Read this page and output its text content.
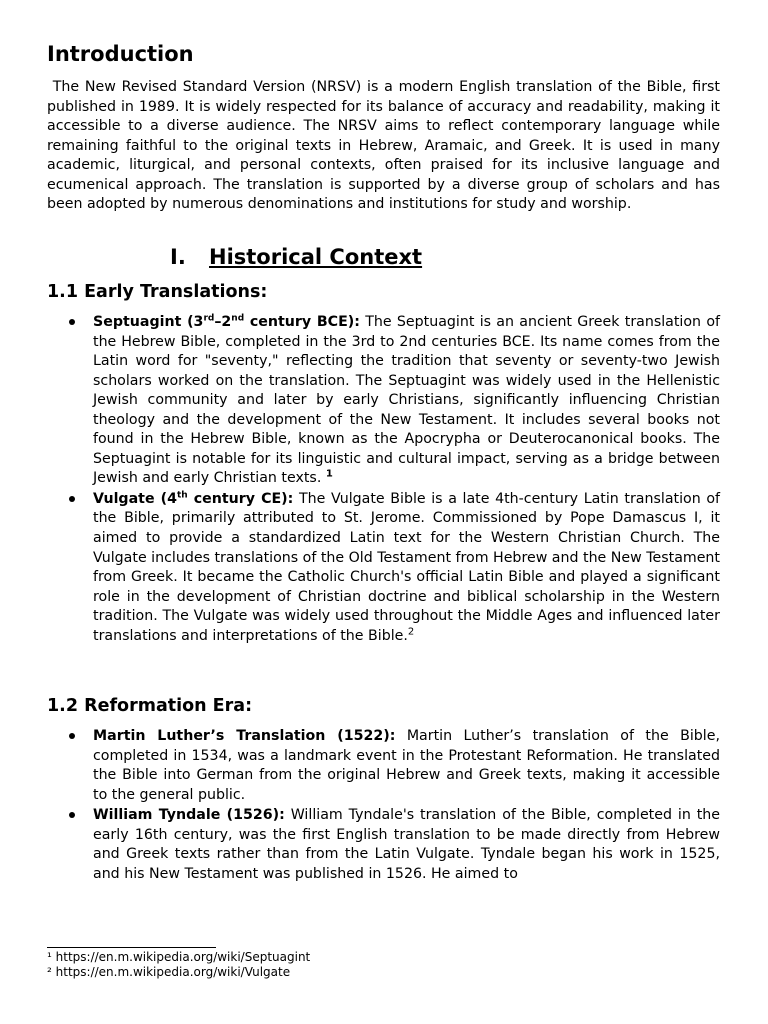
Introduction

The New Revised Standard Version (NRSV) is a modern English translation of the Bible, first published in 1989. It is widely respected for its balance of accuracy and readability, making it accessible to a diverse audience. The NRSV aims to reflect contemporary language while remaining faithful to the original texts in Hebrew, Aramaic, and Greek. It is used in many academic, liturgical, and personal contexts, often praised for its inclusive language and ecumenical approach. The translation is supported by a diverse group of scholars and has been adopted by numerous denominations and institutions for study and worship.

I. Historical Context
1.1 Early Translations:

Septuagint (3rd–2nd century BCE): The Septuagint is an ancient Greek translation of the Hebrew Bible, completed in the 3rd to 2nd centuries BCE. Its name comes from the Latin word for "seventy," reflecting the tradition that seventy or seventy-two Jewish scholars worked on the translation. The Septuagint was widely used in the Hellenistic Jewish community and later by early Christians, significantly influencing Christian theology and the development of the New Testament. It includes several books not found in the Hebrew Bible, known as the Apocrypha or Deuterocanonical books. The Septuagint is notable for its linguistic and cultural impact, serving as a bridge between Jewish and early Christian texts. $^1$

Vulgate (4th century CE): The Vulgate Bible is a late 4th-century Latin translation of the Bible, primarily attributed to St. Jerome. Commissioned by Pope Damascus I, it aimed to provide a standardized Latin text for the Western Christian Church. The Vulgate includes translations of the Old Testament from Hebrew and the New Testament from Greek. It became the Catholic Church's official Latin Bible and played a significant role in the development of Christian doctrine and biblical scholarship in the Western tradition. The Vulgate was widely used throughout the Middle Ages and influenced later translations and interpretations of the Bible.$^2$

1.2 Reformation Era:

Martin Luther’s Translation (1522): Martin Luther’s translation of the Bible, completed in 1534, was a landmark event in the Protestant Reformation. He translated the Bible into German from the original Hebrew and Greek texts, making it accessible to the general public.

William Tyndale (1526): William Tyndale's translation of the Bible, completed in the early 16th century, was the first English translation to be made directly from Hebrew and Greek texts rather than from the Latin Vulgate. Tyndale began his work in 1525, and his New Testament was published in 1526. He aimed to

¹ https://en.m.wikipedia.org/wiki/Septuagint
² https://en.m.wikipedia.org/wiki/Vulgate
